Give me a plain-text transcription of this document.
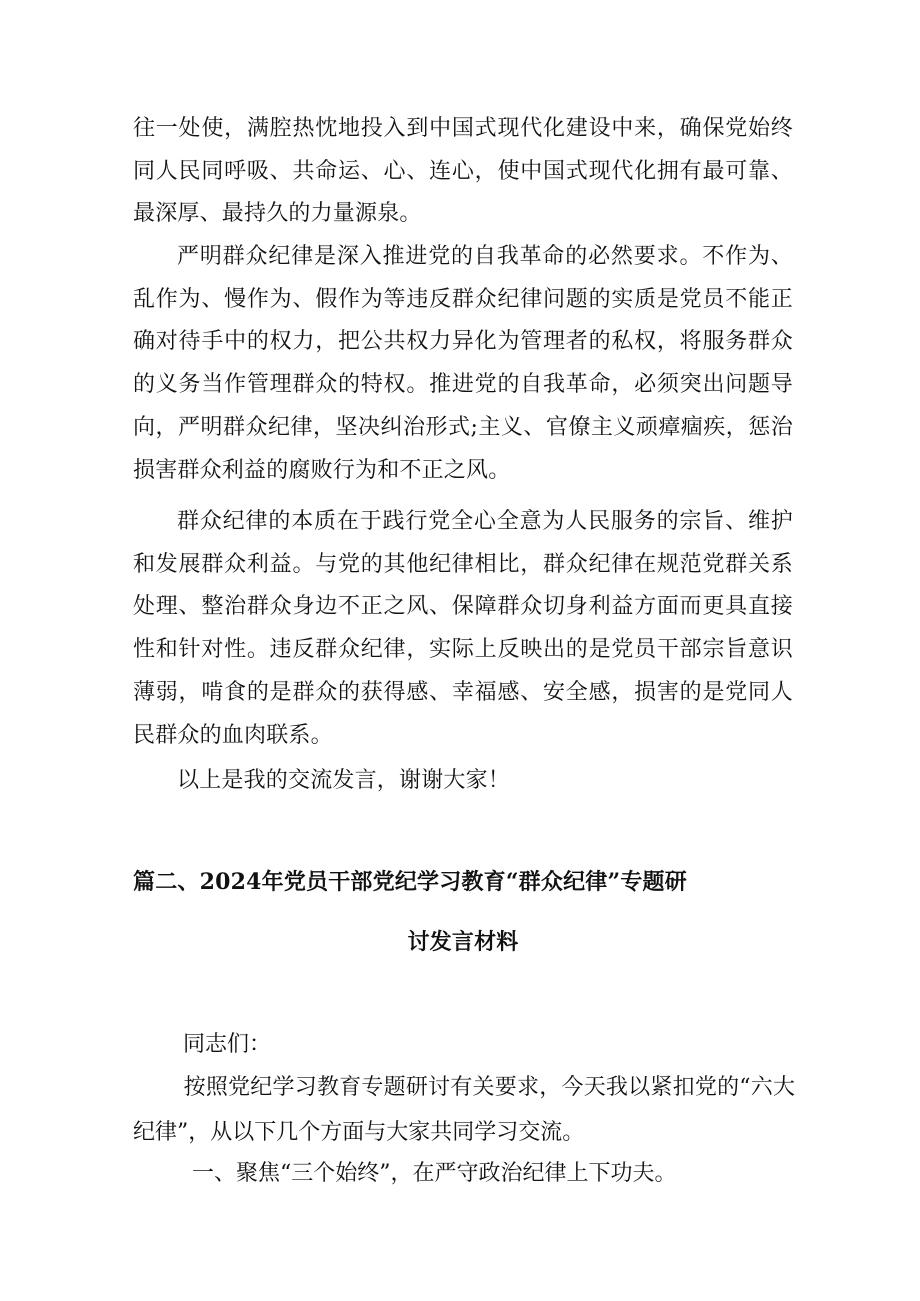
往一处使，满腔热忱地投入到中国式现代化建设中来，确保党始终同人民同呼吸、共命运、心、连心，使中国式现代化拥有最可靠、最深厚、最持久的力量源泉。

严明群众纪律是深入推进党的自我革命的必然要求。不作为、乱作为、慢作为、假作为等违反群众纪律问题的实质是党员不能正确对待手中的权力，把公共权力异化为管理者的私权，将服务群众的义务当作管理群众的特权。推进党的自我革命，必须突出问题导向，严明群众纪律，坚决纠治形式;主义、官僚主义顽瘴痼疾，惩治损害群众利益的腐败行为和不正之风。

群众纪律的本质在于践行党全心全意为人民服务的宗旨、维护和发展群众利益。与党的其他纪律相比，群众纪律在规范党群关系处理、整治群众身边不正之风、保障群众切身利益方面而更具直接性和针对性。违反群众纪律，实际上反映出的是党员干部宗旨意识薄弱，啃食的是群众的获得感、幸福感、安全感，损害的是党同人民群众的血肉联系。

以上是我的交流发言，谢谢大家！

篇二、2024年党员干部党纪学习教育“群众纪律”专题研
讨发言材料

同志们：

按照党纪学习教育专题研讨有关要求，今天我以紧扣党的“六大纪律”，从以下几个方面与大家共同学习交流。

一、聚焦“三个始终”，在严守政治纪律上下功夫。
